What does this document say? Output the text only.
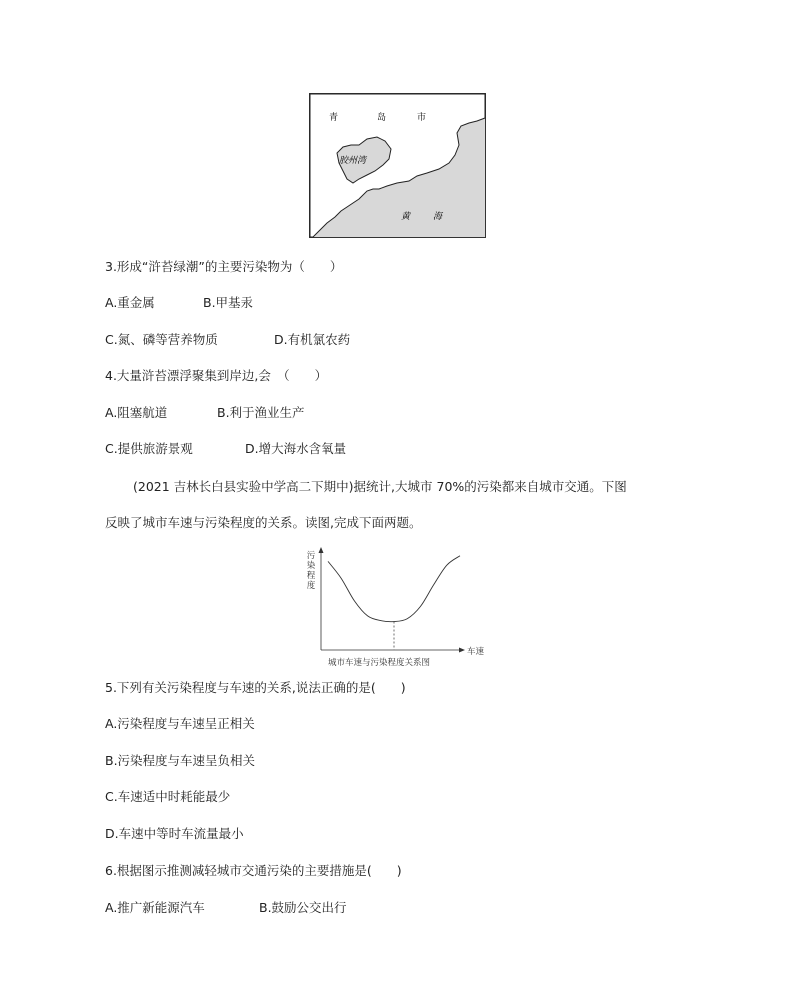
青	岛	市
胶州湾
黄	海
3.形成“浒苔绿潮”的主要污染物为（　　）
A.重金属	B.甲基汞
C.氮、磷等营养物质	D.有机氯农药
4.大量浒苔漂浮聚集到岸边,会　（　　）
A.阻塞航道	B.利于渔业生产
C.提供旅游景观	D.增大海水含氧量
(2021 吉林长白县实验中学高二下期中)据统计,大城市 70%的污染都来自城市交通。下图
反映了城市车速与污染程度的关系。读图,完成下面两题。
污
染
程
度
车速
城市车速与污染程度关系图
5.下列有关污染程度与车速的关系,说法正确的是(　　)
A.污染程度与车速呈正相关
B.污染程度与车速呈负相关
C.车速适中时耗能最少
D.车速中等时车流量最小
6.根据图示推测减轻城市交通污染的主要措施是(　　)
A.推广新能源汽车	B.鼓励公交出行
